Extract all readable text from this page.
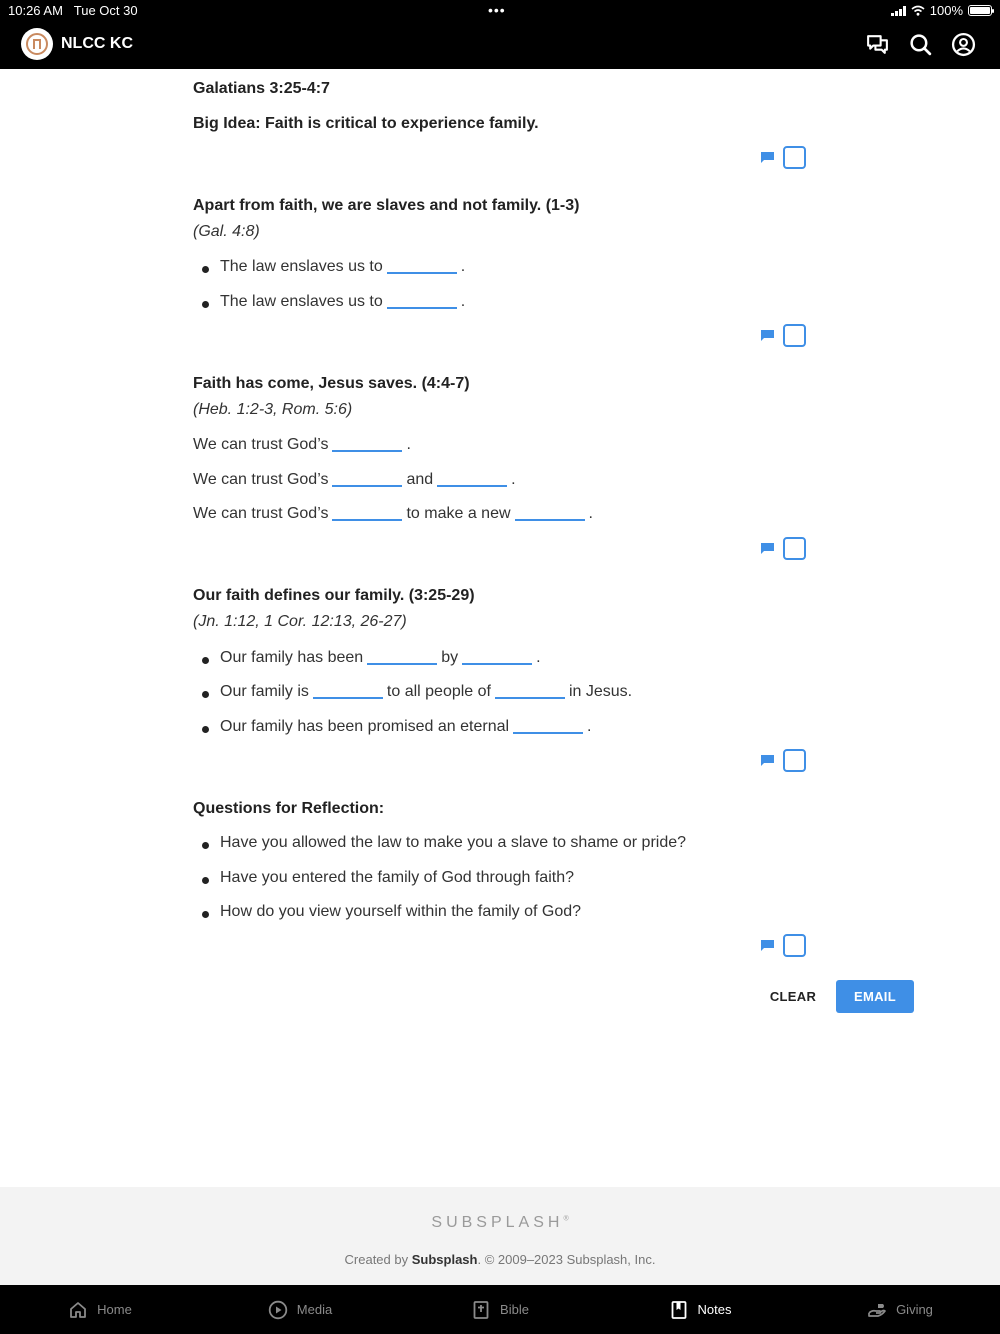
10:26 AM Tue Oct 30	•••	100%
NLCC KC
Galatians 3:25-4:7
Big Idea: Faith is critical to experience family.
Apart from faith, we are slaves and not family. (1-3)
(Gal. 4:8)
The law enslaves us to	.
The law enslaves us to	.
Faith has come, Jesus saves. (4:4-7)
(Heb. 1:2-3, Rom. 5:6)
We can trust God’s	.
We can trust God’s	and	.
We can trust God’s	to make a new	.
Our faith defines our family. (3:25-29)
(Jn. 1:12, 1 Cor. 12:13, 26-27)
Our family has been	by	.
Our family is	to all people of	in Jesus.
Our family has been promised an eternal	.
Questions for Reflection:
Have you allowed the law to make you a slave to shame or pride?
Have you entered the family of God through faith?
How do you view yourself within the family of God?
CLEAR	EMAIL
SUBSPLASH®
Created by Subsplash. © 2009–2023 Subsplash, Inc.
Home	Media	Bible	Notes	Giving
